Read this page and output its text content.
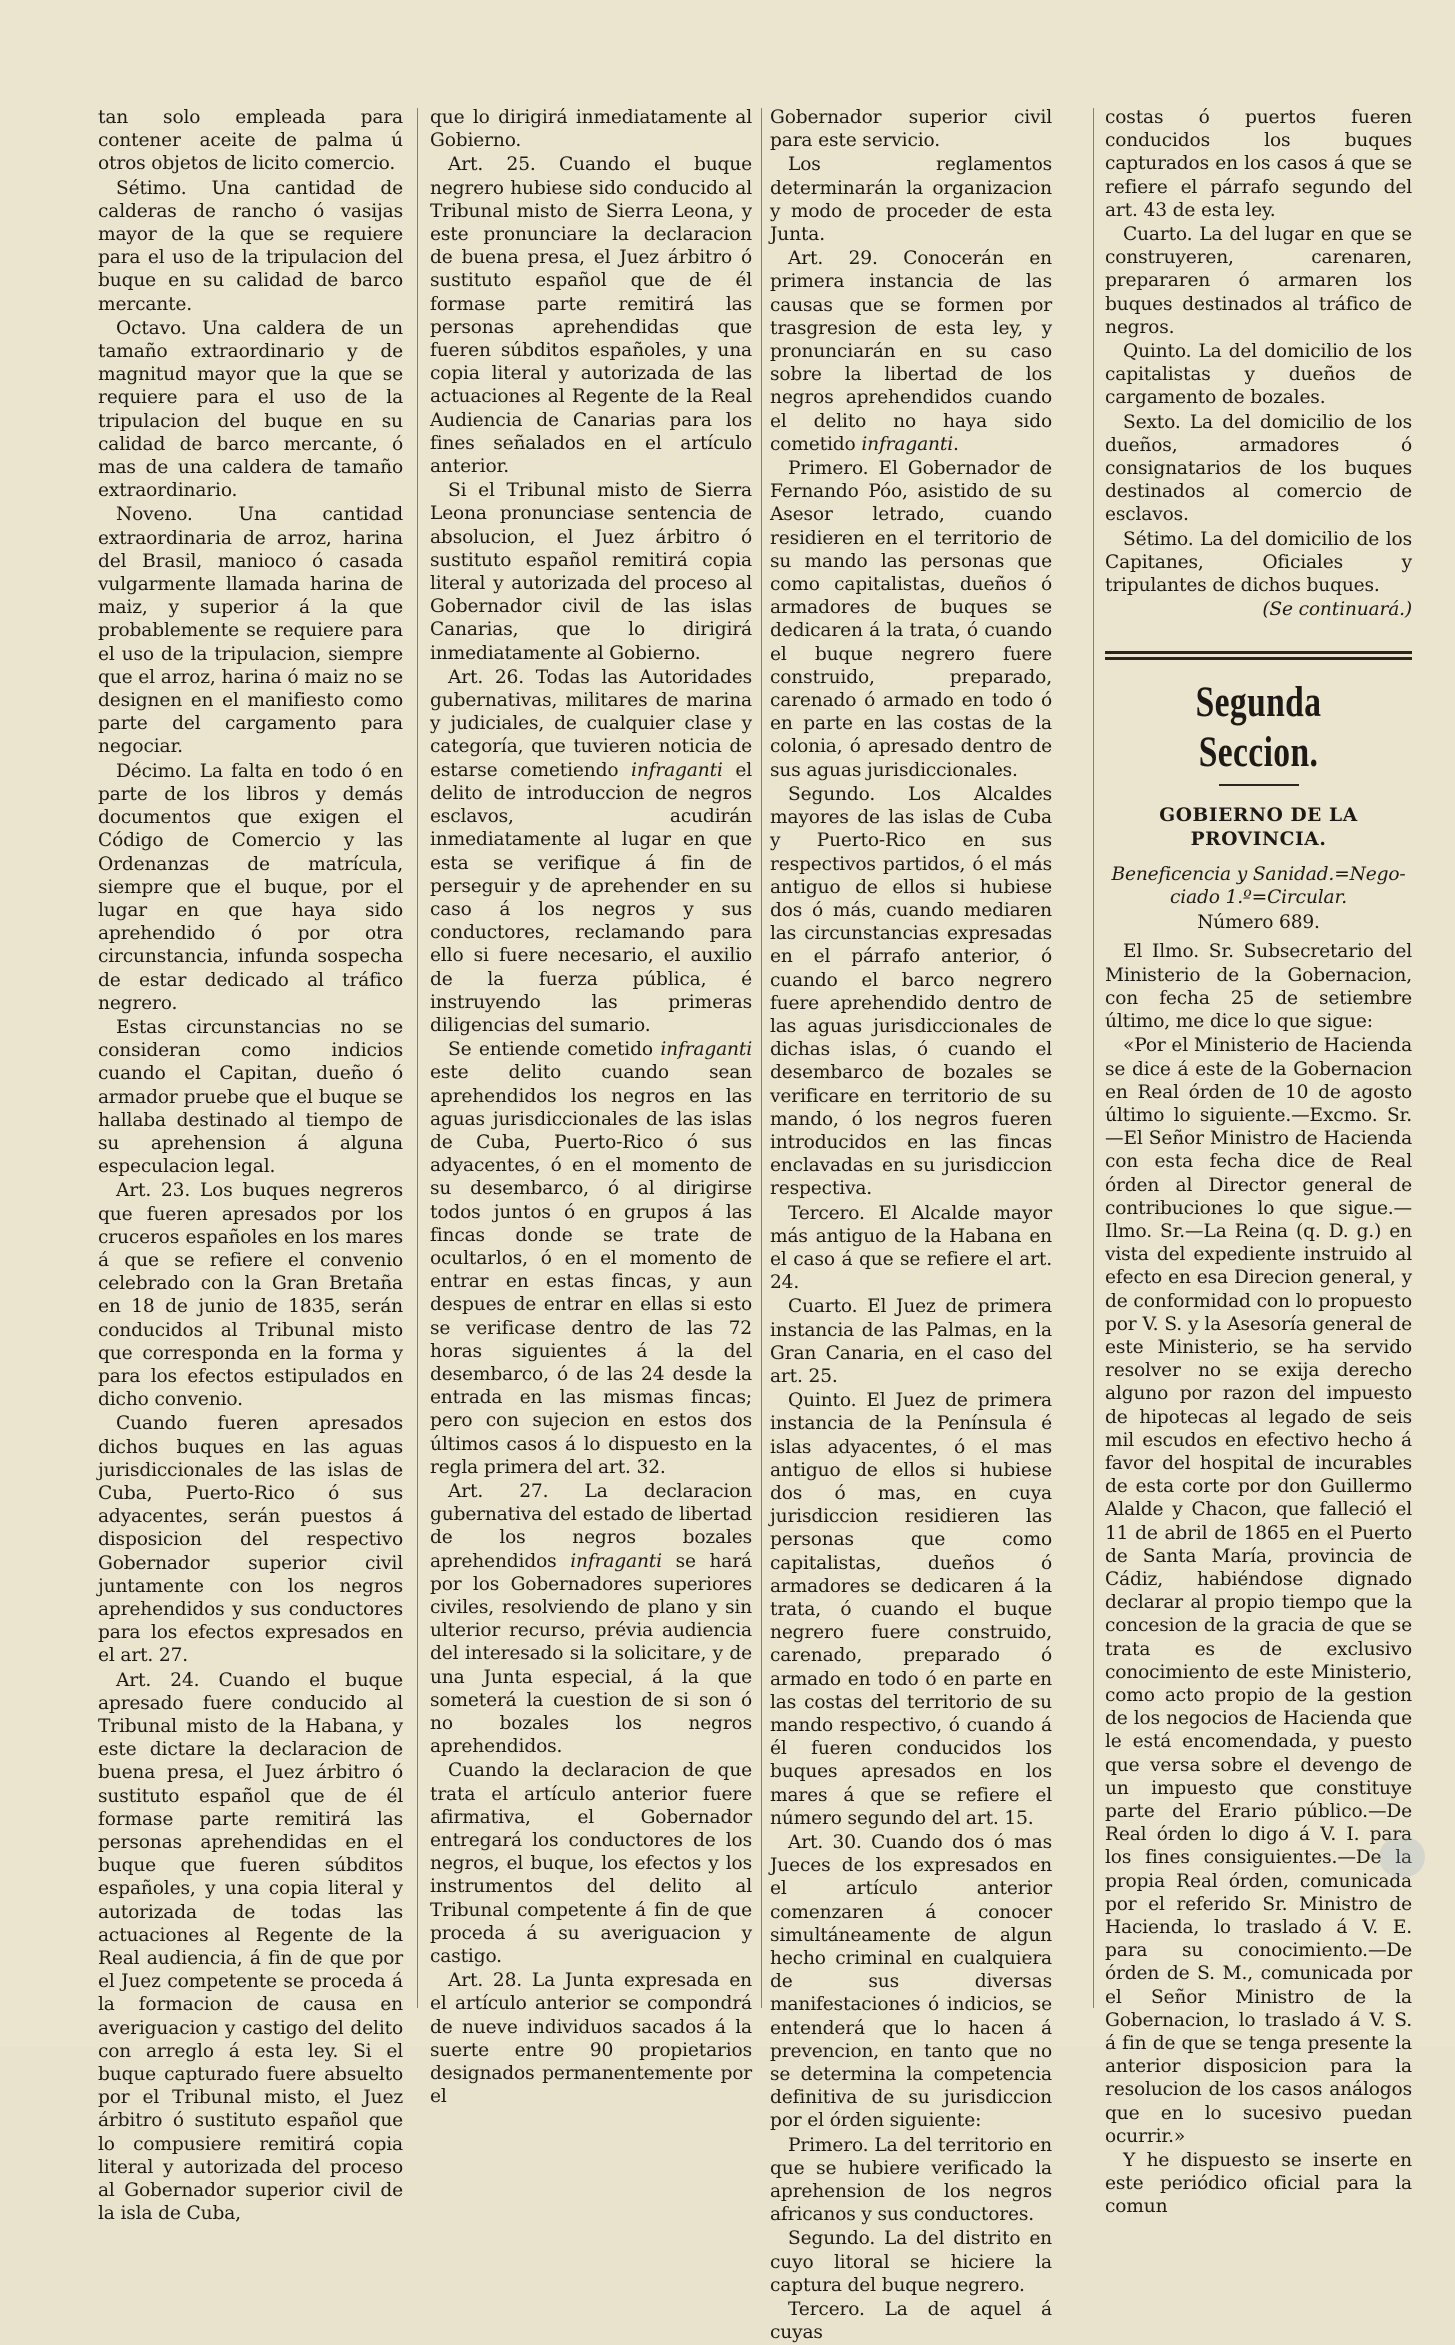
tan solo empleada para contener aceite de palma ú otros objetos de licito comercio.

Sétimo. Una cantidad de calderas de rancho ó vasijas mayor de la que se requiere para el uso de la tripulacion del buque en su calidad de barco mercante.

Octavo. Una caldera de un tamaño extraordinario y de magnitud mayor que la que se requiere para el uso de la tripulacion del buque en su calidad de barco mercante, ó mas de una caldera de tamaño extraordinario.

Noveno. Una cantidad extraordinaria de arroz, harina del Brasil, manioco ó casada vulgarmente llamada harina de maiz, y superior á la que probablemente se requiere para el uso de la tripulacion, siempre que el arroz, harina ó maiz no se designen en el manifiesto como parte del cargamento para negociar.

Décimo. La falta en todo ó en parte de los libros y demás documentos que exigen el Código de Comercio y las Ordenanzas de matrícula, siempre que el buque, por el lugar en que haya sido aprehendido ó por otra circunstancia, infunda sospecha de estar dedicado al tráfico negrero.

Estas circunstancias no se consideran como indicios cuando el Capitan, dueño ó armador pruebe que el buque se hallaba destinado al tiempo de su aprehension á alguna especulacion legal.

Art. 23. Los buques negreros que fueren apresados por los cruceros españoles en los mares á que se refiere el convenio celebrado con la Gran Bretaña en 18 de junio de 1835, serán conducidos al Tribunal misto que corresponda en la forma y para los efectos estipulados en dicho convenio.

Cuando fueren apresados dichos buques en las aguas jurisdiccionales de las islas de Cuba, Puerto-Rico ó sus adyacentes, serán puestos á disposicion del respectivo Gobernador superior civil juntamente con los negros aprehendidos y sus conductores para los efectos expresados en el art. 27.

Art. 24. Cuando el buque apresado fuere conducido al Tribunal misto de la Habana, y este dictare la declaracion de buena presa, el Juez árbitro ó sustituto español que de él formase parte remitirá las personas aprehendidas en el buque que fueren súbditos españoles, y una copia literal y autorizada de todas las actuaciones al Regente de la Real audiencia, á fin de que por el Juez competente se proceda á la formacion de causa en averiguacion y castigo del delito con arreglo á esta ley. Si el buque capturado fuere absuelto por el Tribunal misto, el Juez árbitro ó sustituto español que lo compusiere remitirá copia literal y autorizada del proceso al Gobernador superior civil de la isla de Cuba,

que lo dirigirá inmediatamente al Gobierno.

Art. 25. Cuando el buque negrero hubiese sido conducido al Tribunal misto de Sierra Leona, y este pronunciare la declaracion de buena presa, el Juez árbitro ó sustituto español que de él formase parte remitirá las personas aprehendidas que fueren súbditos españoles, y una copia literal y autorizada de las actuaciones al Regente de la Real Audiencia de Canarias para los fines señalados en el artículo anterior.

Si el Tribunal misto de Sierra Leona pronunciase sentencia de absolucion, el Juez árbitro ó sustituto español remitirá copia literal y autorizada del proceso al Gobernador civil de las islas Canarias, que lo dirigirá inmediatamente al Gobierno.

Art. 26. Todas las Autoridades gubernativas, militares de marina y judiciales, de cualquier clase y categoría, que tuvieren noticia de estarse cometiendo infraganti el delito de introduccion de negros esclavos, acudirán inmediatamente al lugar en que esta se verifique á fin de perseguir y de aprehender en su caso á los negros y sus conductores, reclamando para ello si fuere necesario, el auxilio de la fuerza pública, é instruyendo las primeras diligencias del sumario.

Se entiende cometido infraganti este delito cuando sean aprehendidos los negros en las aguas jurisdiccionales de las islas de Cuba, Puerto-Rico ó sus adyacentes, ó en el momento de su desembarco, ó al dirigirse todos juntos ó en grupos á las fincas donde se trate de ocultarlos, ó en el momento de entrar en estas fincas, y aun despues de entrar en ellas si esto se verificase dentro de las 72 horas siguientes á la del desembarco, ó de las 24 desde la entrada en las mismas fincas; pero con sujecion en estos dos últimos casos á lo dispuesto en la regla primera del art. 32.

Art. 27. La declaracion gubernativa del estado de libertad de los negros bozales aprehendidos infraganti se hará por los Gobernadores superiores civiles, resolviendo de plano y sin ulterior recurso, prévia audiencia del interesado si la solicitare, y de una Junta especial, á la que someterá la cuestion de si son ó no bozales los negros aprehendidos.

Cuando la declaracion de que trata el artículo anterior fuere afirmativa, el Gobernador entregará los conductores de los negros, el buque, los efectos y los instrumentos del delito al Tribunal competente á fin de que proceda á su averiguacion y castigo.

Art. 28. La Junta expresada en el artículo anterior se compondrá de nueve individuos sacados á la suerte entre 90 propietarios designados permanentemente por el

Gobernador superior civil para este servicio.

Los reglamentos determinarán la organizacion y modo de proceder de esta Junta.

Art. 29. Conocerán en primera instancia de las causas que se formen por trasgresion de esta ley, y pronunciarán en su caso sobre la libertad de los negros aprehendidos cuando el delito no haya sido cometido infraganti.

Primero. El Gobernador de Fernando Póo, asistido de su Asesor letrado, cuando residieren en el territorio de su mando las personas que como capitalistas, dueños ó armadores de buques se dedicaren á la trata, ó cuando el buque negrero fuere construido, preparado, carenado ó armado en todo ó en parte en las costas de la colonia, ó apresado dentro de sus aguas jurisdiccionales.

Segundo. Los Alcaldes mayores de las islas de Cuba y Puerto-Rico en sus respectivos partidos, ó el más antiguo de ellos si hubiese dos ó más, cuando mediaren las circunstancias expresadas en el párrafo anterior, ó cuando el barco negrero fuere aprehendido dentro de las aguas jurisdiccionales de dichas islas, ó cuando el desembarco de bozales se verificare en territorio de su mando, ó los negros fueren introducidos en las fincas enclavadas en su jurisdiccion respectiva.

Tercero. El Alcalde mayor más antiguo de la Habana en el caso á que se refiere el art. 24.

Cuarto. El Juez de primera instancia de las Palmas, en la Gran Canaria, en el caso del art. 25.

Quinto. El Juez de primera instancia de la Península é islas adyacentes, ó el mas antiguo de ellos si hubiese dos ó mas, en cuya jurisdiccion residieren las personas que como capitalistas, dueños ó armadores se dedicaren á la trata, ó cuando el buque negrero fuere construido, carenado, preparado ó armado en todo ó en parte en las costas del territorio de su mando respectivo, ó cuando á él fueren conducidos los buques apresados en los mares á que se refiere el número segundo del art. 15.

Art. 30. Cuando dos ó mas Jueces de los expresados en el artículo anterior comenzaren á conocer simultáneamente de algun hecho criminal en cualquiera de sus diversas manifestaciones ó indicios, se entenderá que lo hacen á prevencion, en tanto que no se determina la competencia definitiva de su jurisdiccion por el órden siguiente:

Primero. La del territorio en que se hubiere verificado la aprehension de los negros africanos y sus conductores.

Segundo. La del distrito en cuyo litoral se hiciere la captura del buque negrero.

Tercero. La de aquel á cuyas

costas ó puertos fueren conducidos los buques capturados en los casos á que se refiere el párrafo segundo del art. 43 de esta ley.

Cuarto. La del lugar en que se construyeren, carenaren, prepararen ó armaren los buques destinados al tráfico de negros.

Quinto. La del domicilio de los capitalistas y dueños de cargamento de bozales.

Sexto. La del domicilio de los dueños, armadores ó consignatarios de los buques destinados al comercio de esclavos.

Sétimo. La del domicilio de los Capitanes, Oficiales y tripulantes de dichos buques.

(Se continuará.)

Segunda Seccion.
GOBIERNO DE LA PROVINCIA.
Beneficencia y Sanidad.=Nego-
ciado 1.º=Circular.
Número 689.

El Ilmo. Sr. Subsecretario del Ministerio de la Gobernacion, con fecha 25 de setiembre último, me dice lo que sigue:

«Por el Ministerio de Hacienda se dice á este de la Gobernacion en Real órden de 10 de agosto último lo siguiente.—Excmo. Sr.—El Señor Ministro de Hacienda con esta fecha dice de Real órden al Director general de contribuciones lo que sigue.—Ilmo. Sr.—La Reina (q. D. g.) en vista del expediente instruido al efecto en esa Direcion general, y de conformidad con lo propuesto por V. S. y la Asesoría general de este Ministerio, se ha servido resolver no se exija derecho alguno por razon del impuesto de hipotecas al legado de seis mil escudos en efectivo hecho á favor del hospital de incurables de esta corte por don Guillermo Alalde y Chacon, que falleció el 11 de abril de 1865 en el Puerto de Santa María, provincia de Cádiz, habiéndose dignado declarar al propio tiempo que la concesion de la gracia de que se trata es de exclusivo conocimiento de este Ministerio, como acto propio de la gestion de los negocios de Hacienda que le está encomendada, y puesto que versa sobre el devengo de un impuesto que constituye parte del Erario público.—De Real órden lo digo á V. I. para los fines consiguientes.—De la propia Real órden, comunicada por el referido Sr. Ministro de Hacienda, lo traslado á V. E. para su conocimiento.—De órden de S. M., comunicada por el Señor Ministro de la Gobernacion, lo traslado á V. S. á fin de que se tenga presente la anterior disposicion para la resolucion de los casos análogos que en lo sucesivo puedan ocurrir.»

Y he dispuesto se inserte en este periódico oficial para la comun
